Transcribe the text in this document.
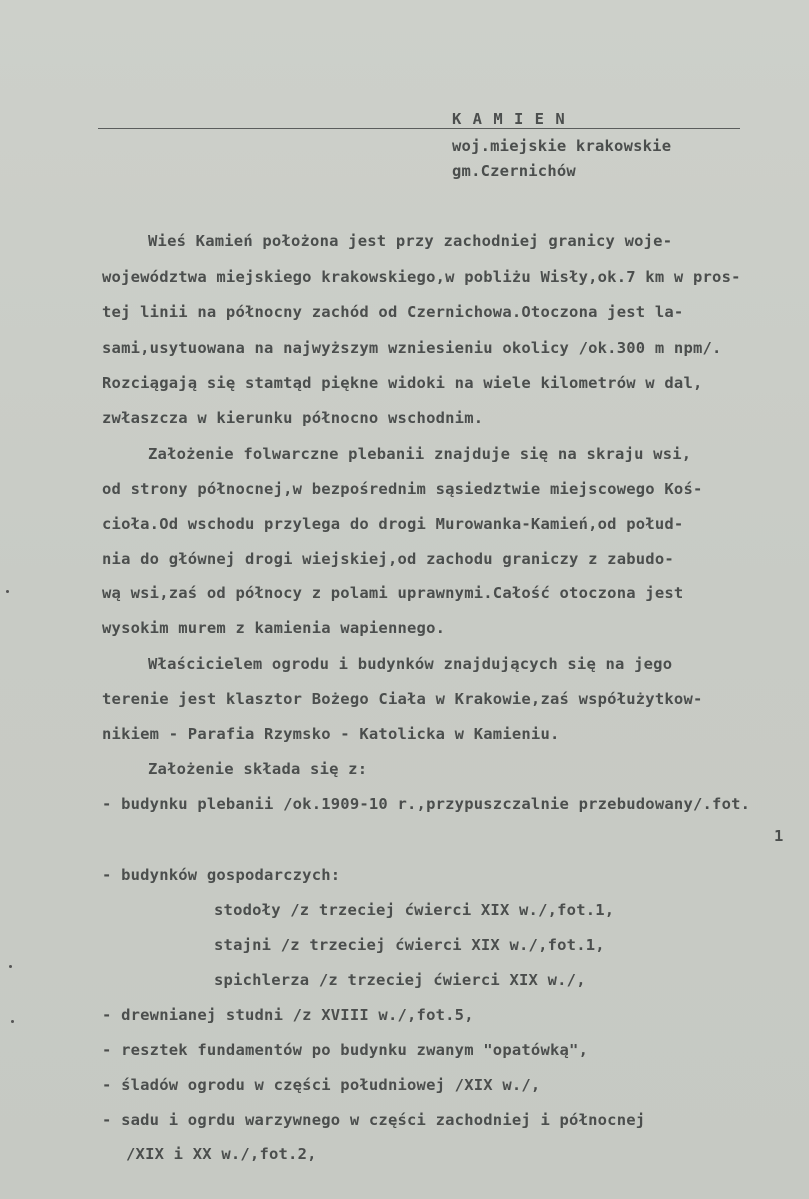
K A M I E N
woj.miejskie krakowskie
gm.Czernichów
Wieś Kamień położona jest przy zachodniej granicy woje-
województwa miejskiego krakowskiego,w pobliżu Wisły,ok.7 km w pros-
tej linii na północny zachód od Czernichowa.Otoczona jest la-
sami,usytuowana na najwyższym wzniesieniu okolicy /ok.300 m npm/.
Rozciągają się stamtąd piękne widoki na wiele kilometrów w dal,
zwłaszcza w kierunku północno wschodnim.
Założenie folwarczne plebanii znajduje się na skraju wsi,
od strony północnej,w bezpośrednim sąsiedztwie miejscowego Koś-
cioła.Od wschodu przylega do drogi Murowanka-Kamień,od połud-
nia do głównej drogi wiejskiej,od zachodu graniczy z zabudo-
wą wsi,zaś od północy z polami uprawnymi.Całość otoczona jest
wysokim murem z kamienia wapiennego.
Właścicielem ogrodu i budynków znajdujących się na jego
terenie jest klasztor Bożego Ciała w Krakowie,zaś współużytkow-
nikiem - Parafia Rzymsko - Katolicka w Kamieniu.
Założenie składa się z:
- budynku plebanii /ok.1909-10 r.,przypuszczalnie przebudowany/.fot.
1
- budynków gospodarczych:
stodoły /z trzeciej ćwierci XIX w./,fot.1,
stajni /z trzeciej ćwierci XIX w./,fot.1,
spichlerza /z trzeciej ćwierci XIX w./,
- drewnianej studni /z XVIII w./,fot.5,
- resztek fundamentów po budynku zwanym "opatówką",
- śladów ogrodu w części południowej /XIX w./,
- sadu i ogrdu warzywnego w części zachodniej i północnej
/XIX i XX w./,fot.2,
